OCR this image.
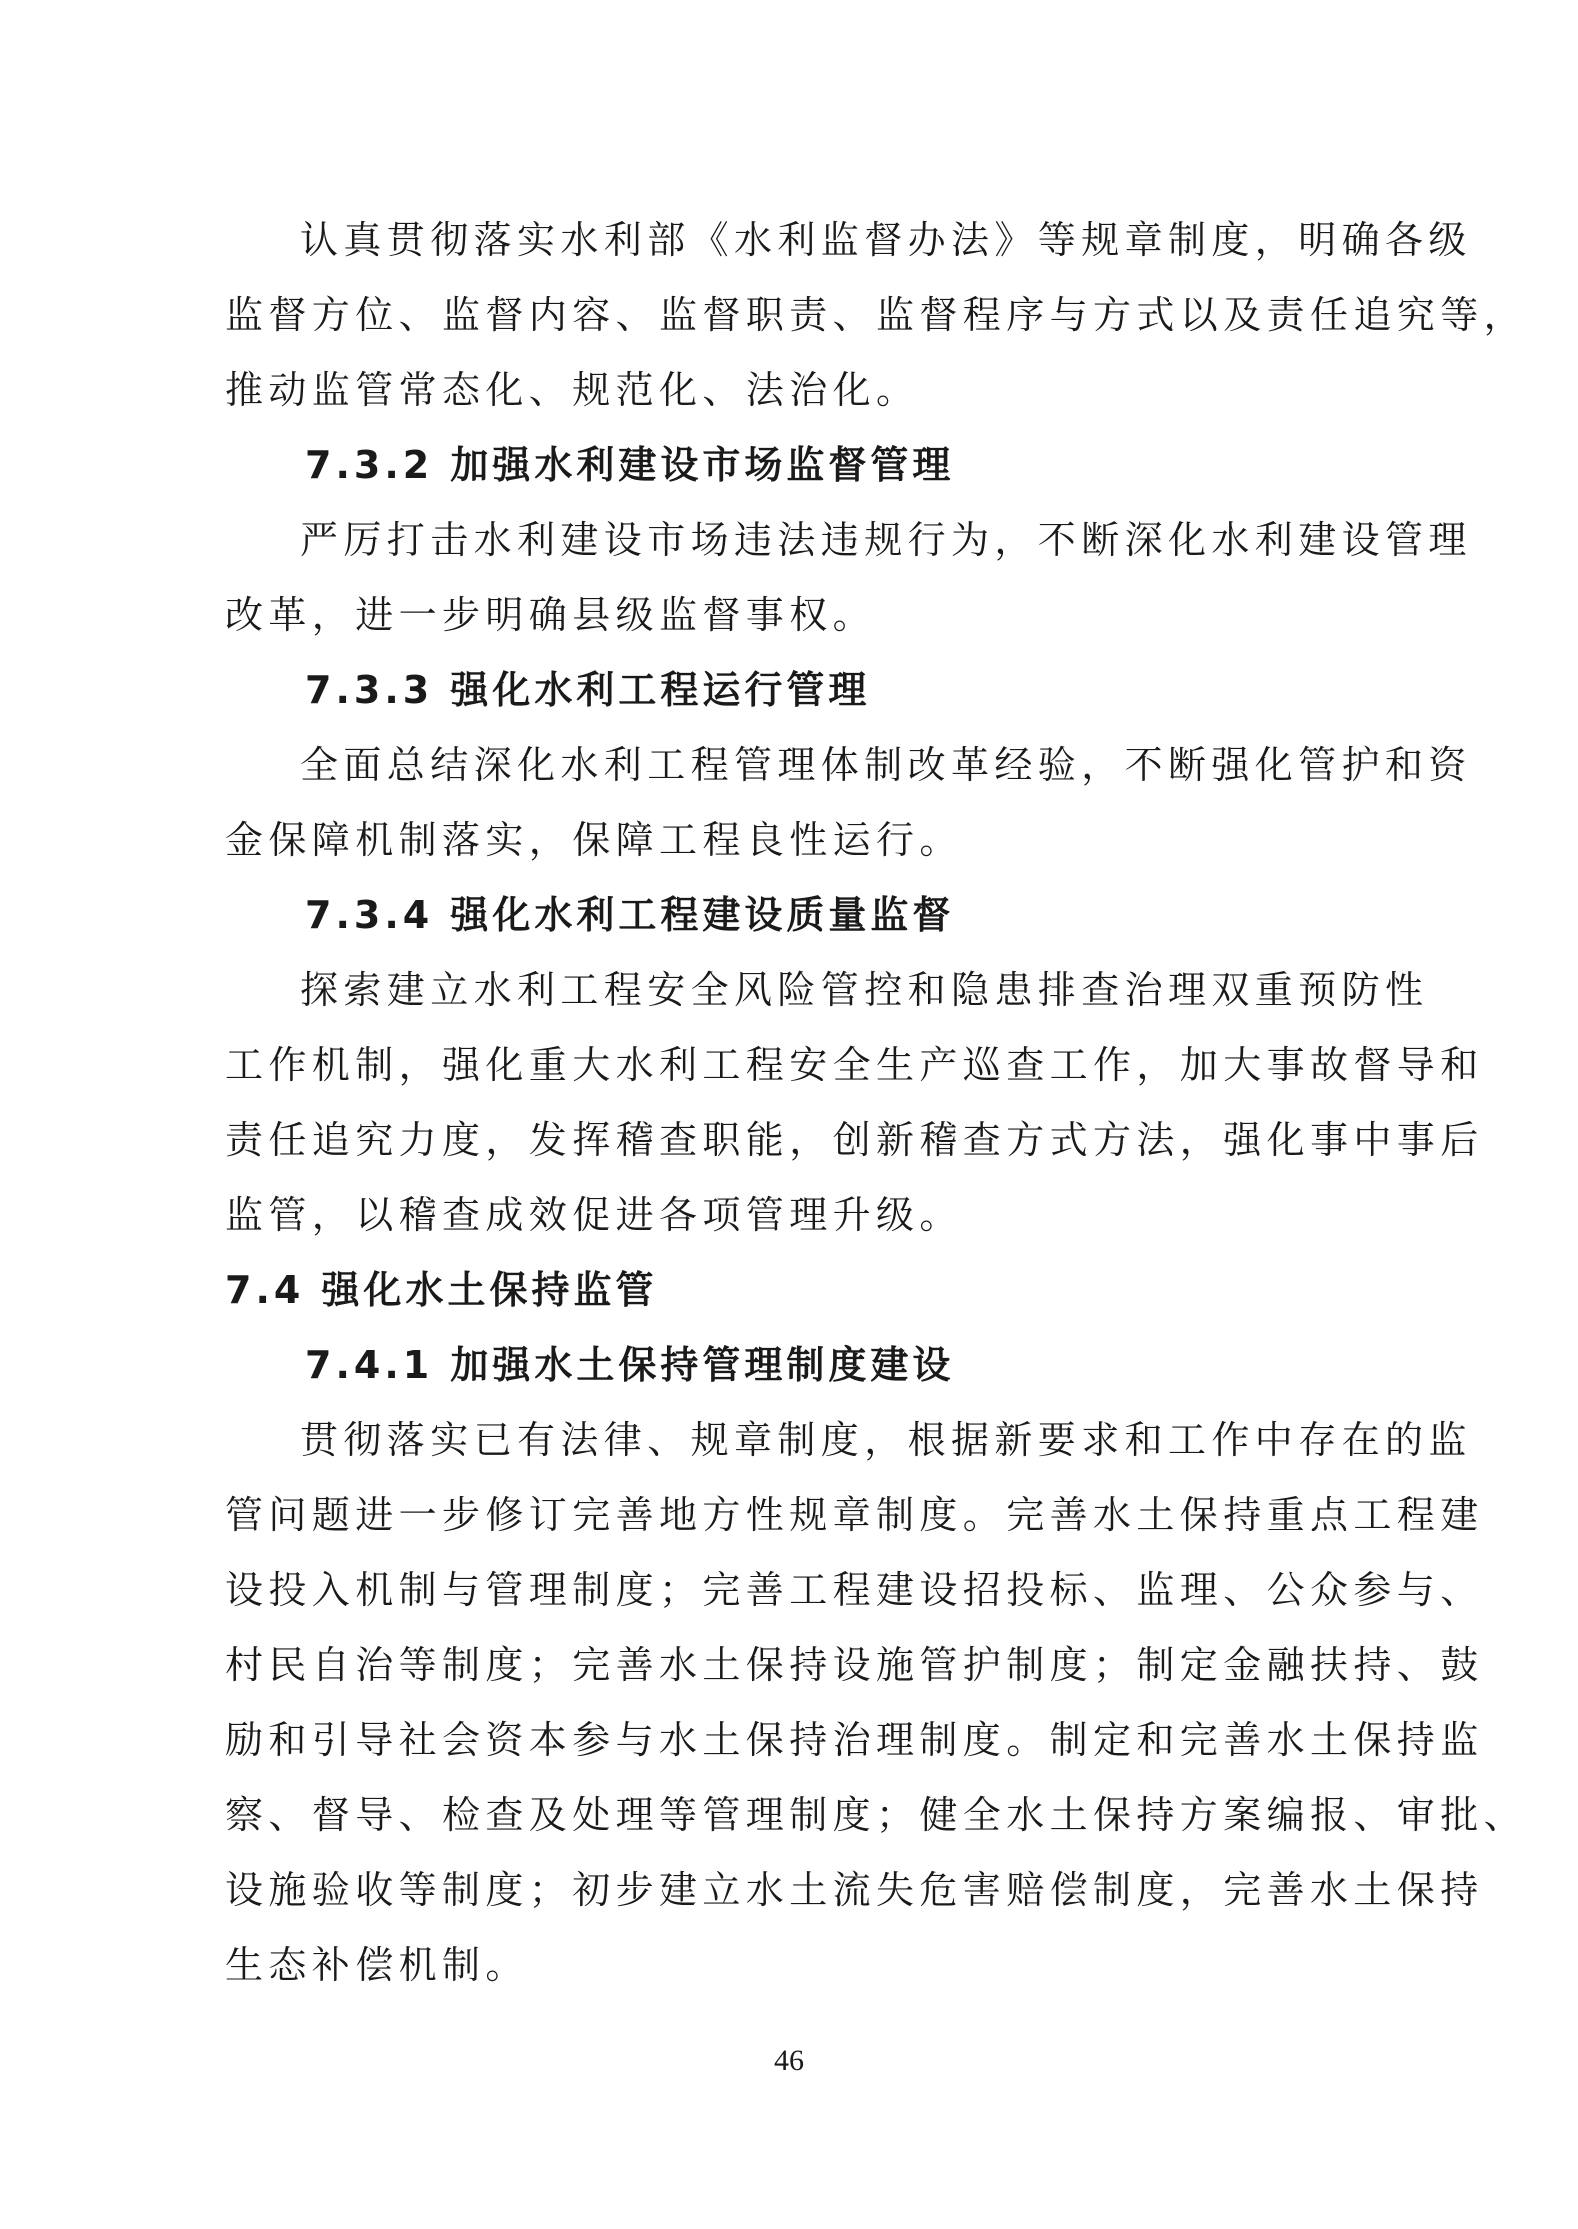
认真贯彻落实水利部《水利监督办法》等规章制度，明确各级

监督方位、监督内容、监督职责、监督程序与方式以及责任追究等，

推动监管常态化、规范化、法治化。

7.3.2 加强水利建设市场监督管理

严厉打击水利建设市场违法违规行为，不断深化水利建设管理

改革，进一步明确县级监督事权。

7.3.3 强化水利工程运行管理

全面总结深化水利工程管理体制改革经验，不断强化管护和资

金保障机制落实，保障工程良性运行。

7.3.4 强化水利工程建设质量监督

探索建立水利工程安全风险管控和隐患排查治理双重预防性

工作机制，强化重大水利工程安全生产巡查工作，加大事故督导和

责任追究力度，发挥稽查职能，创新稽查方式方法，强化事中事后

监管，以稽查成效促进各项管理升级。

7.4 强化水土保持监管
7.4.1 加强水土保持管理制度建设

贯彻落实已有法律、规章制度，根据新要求和工作中存在的监

管问题进一步修订完善地方性规章制度。完善水土保持重点工程建

设投入机制与管理制度；完善工程建设招投标、监理、公众参与、

村民自治等制度；完善水土保持设施管护制度；制定金融扶持、鼓

励和引导社会资本参与水土保持治理制度。制定和完善水土保持监

察、督导、检查及处理等管理制度；健全水土保持方案编报、审批、

设施验收等制度；初步建立水土流失危害赔偿制度，完善水土保持

生态补偿机制。

46
